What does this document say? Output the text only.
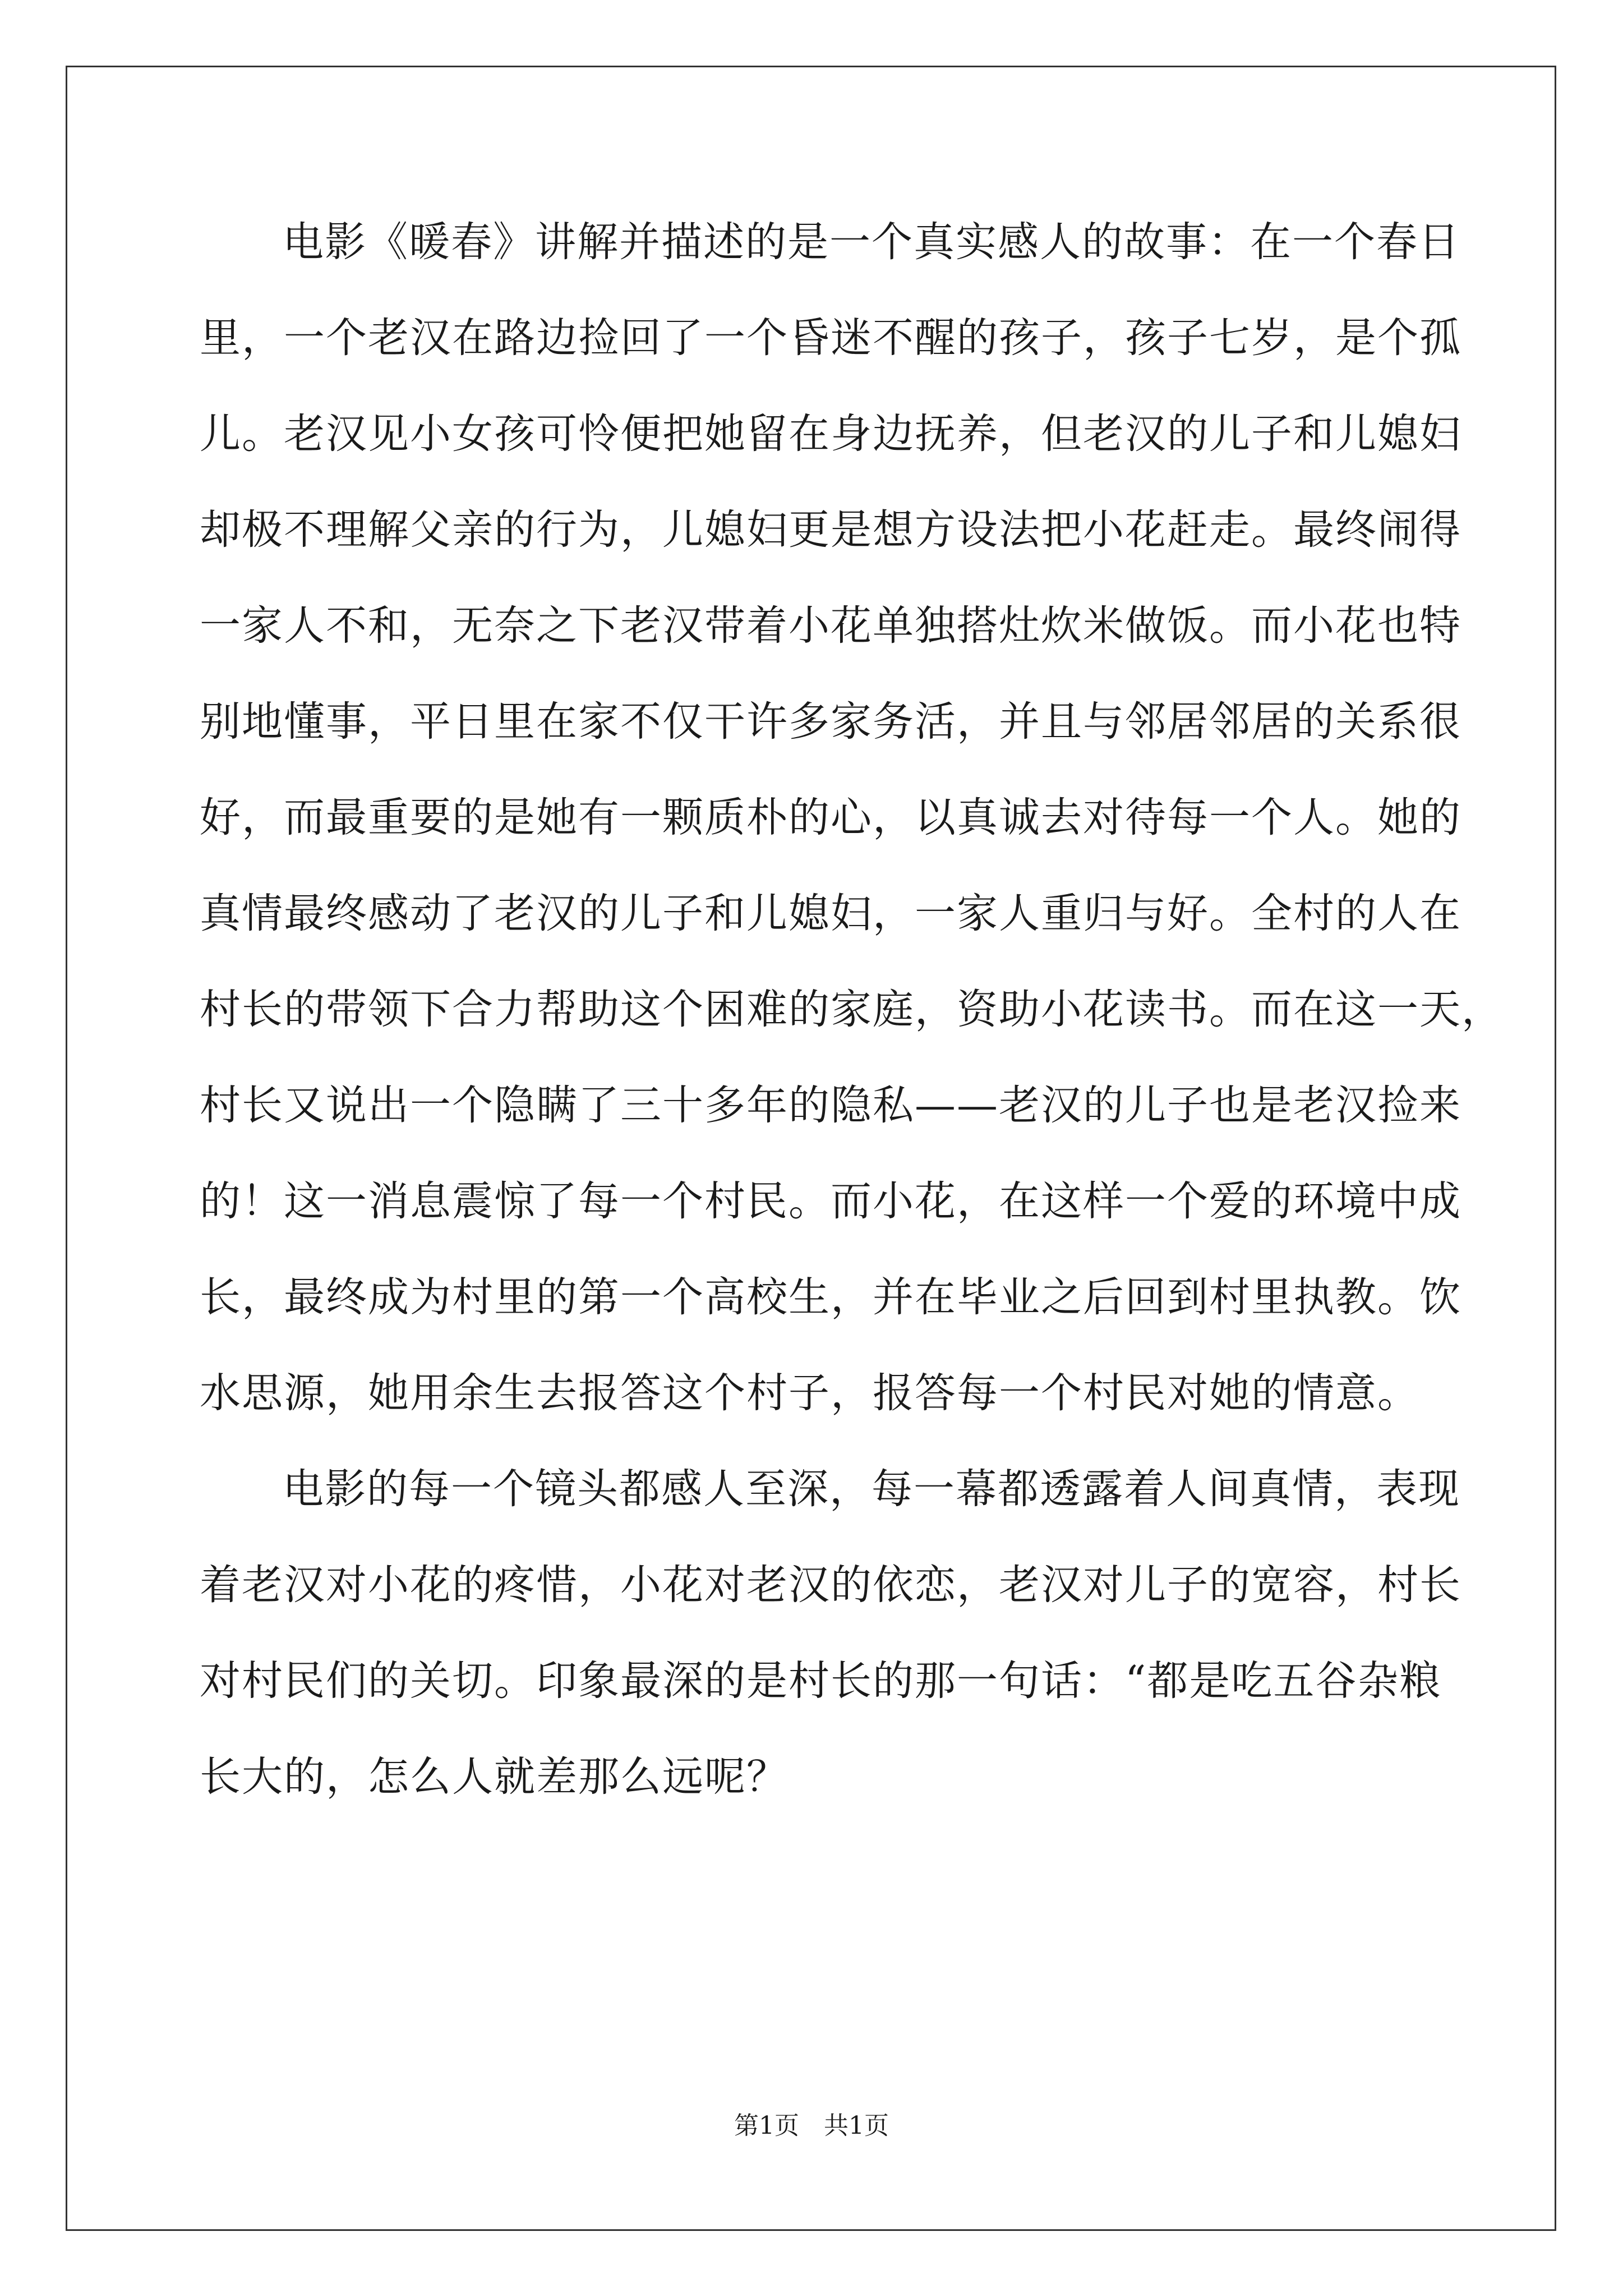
电 影 《 暖 春 》 讲 解 并 描 述 的 是 一 个 真 实 感 人 的 故 事 ： 在 一 个 春 日
里 ， 一 个 老 汉 在 路 边 捡 回 了 一 个 昏 迷 不 醒 的 孩 子 ， 孩 子 七 岁 ， 是 个 孤
儿 。 老 汉 见 小 女 孩 可 怜 便 把 她 留 在 身 边 抚 养 ， 但 老 汉 的 儿 子 和 儿 媳 妇
却 极 不 理 解 父 亲 的 行 为 ， 儿 媳 妇 更 是 想 方 设 法 把 小 花 赶 走 。 最 终 闹 得
一 家 人 不 和 ， 无 奈 之 下 老 汉 带 着 小 花 单 独 搭 灶 炊 米 做 饭 。 而 小 花 也 特
别 地 懂 事 ， 平 日 里 在 家 不 仅 干 许 多 家 务 活 ， 并 且 与 邻 居 邻 居 的 关 系 很
好 ， 而 最 重 要 的 是 她 有 一 颗 质 朴 的 心 ， 以 真 诚 去 对 待 每 一 个 人 。 她 的
真 情 最 终 感 动 了 老 汉 的 儿 子 和 儿 媳 妇 ， 一 家 人 重 归 与 好 。 全 村 的 人 在
村 长 的 带 领 下 合 力 帮 助 这 个 困 难 的 家 庭 ， 资 助 小 花 读 书 。 而 在 这 一 天 ，
村 长 又 说 出 一 个 隐 瞒 了 三 十 多 年 的 隐 私 — — 老 汉 的 儿 子 也 是 老 汉 捡 来
的 ！ 这 一 消 息 震 惊 了 每 一 个 村 民 。 而 小 花 ， 在 这 样 一 个 爱 的 环 境 中 成
长 ， 最 终 成 为 村 里 的 第 一 个 高 校 生 ， 并 在 毕 业 之 后 回 到 村 里 执 教 。 饮
水思源，她用余生去报答这个村子，报答每一个村民对她的情意。
电 影 的 每 一 个 镜 头 都 感 人 至 深 ， 每 一 幕 都 透 露 着 人 间 真 情 ， 表 现
着 老 汉 对 小 花 的 疼 惜 ， 小 花 对 老 汉 的 依 恋 ， 老 汉 对 儿 子 的 宽 容 ， 村 长
对 村 民 们 的 关 切 。 印 象 最 深 的 是 村 长 的 那 一 句 话 ： “ 都 是 吃 五 谷 杂 粮
长大的，怎么人就差那么远呢？
第1页　共1页
